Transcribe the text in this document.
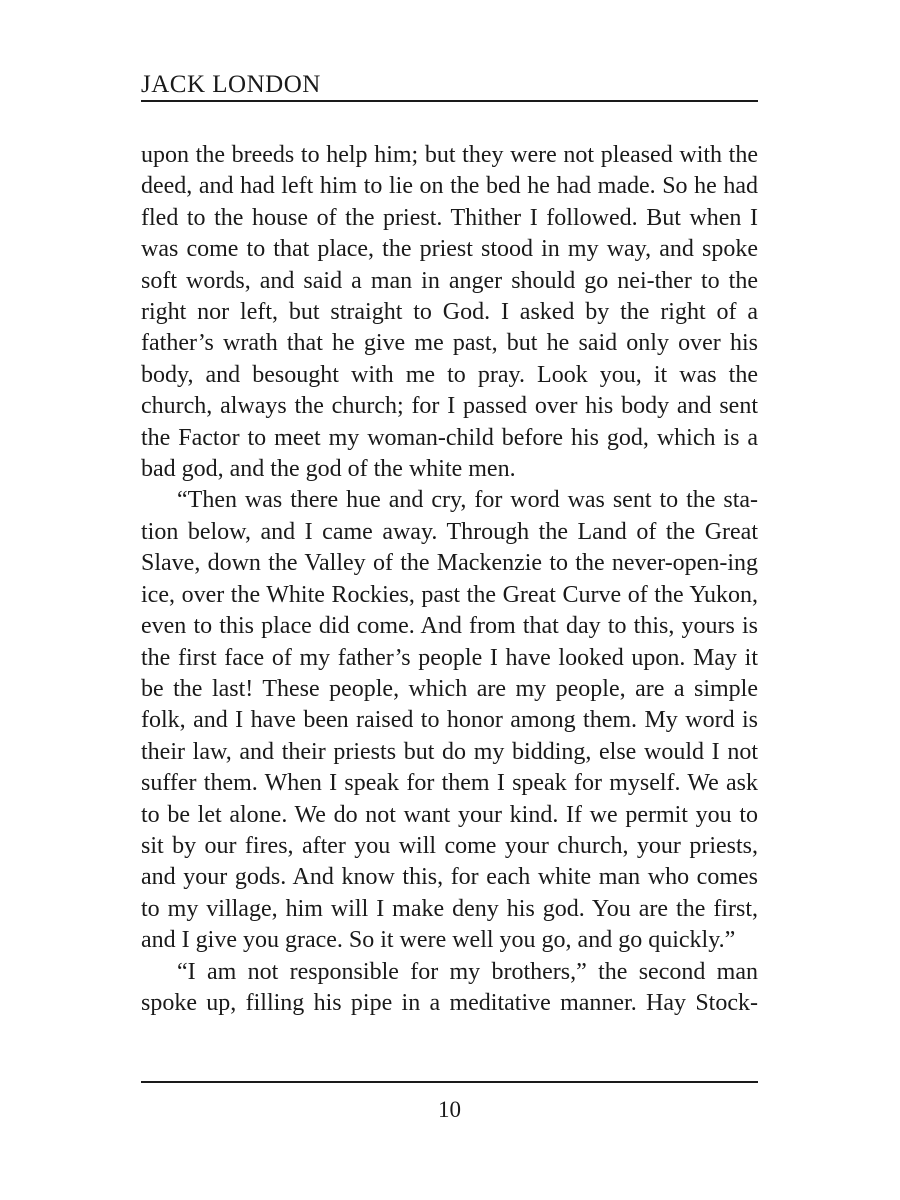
JACK LONDON

upon the breeds to help him; but they were not pleased with the deed, and had left him to lie on the bed he had made. So he had fled to the house of the priest. Thither I followed. But when I was come to that place, the priest stood in my way, and spoke soft words, and said a man in anger should go nei-ther to the right nor left, but straight to God. I asked by the right of a father’s wrath that he give me past, but he said only over his body, and besought with me to pray. Look you, it was the church, always the church; for I passed over his body and sent the Factor to meet my woman-child before his god, which is a bad god, and the god of the white men.

“Then was there hue and cry, for word was sent to the sta-tion below, and I came away. Through the Land of the Great Slave, down the Valley of the Mackenzie to the never-open-ing ice, over the White Rockies, past the Great Curve of the Yukon, even to this place did come. And from that day to this, yours is the first face of my father’s people I have looked upon. May it be the last! These people, which are my people, are a simple folk, and I have been raised to honor among them. My word is their law, and their priests but do my bidding, else would I not suffer them. When I speak for them I speak for myself. We ask to be let alone. We do not want your kind. If we permit you to sit by our fires, after you will come your church, your priests, and your gods. And know this, for each white man who comes to my village, him will I make deny his god. You are the first, and I give you grace. So it were well you go, and go quickly.”

“I am not responsible for my brothers,” the second man spoke up, filling his pipe in a meditative manner. Hay Stock-

10
